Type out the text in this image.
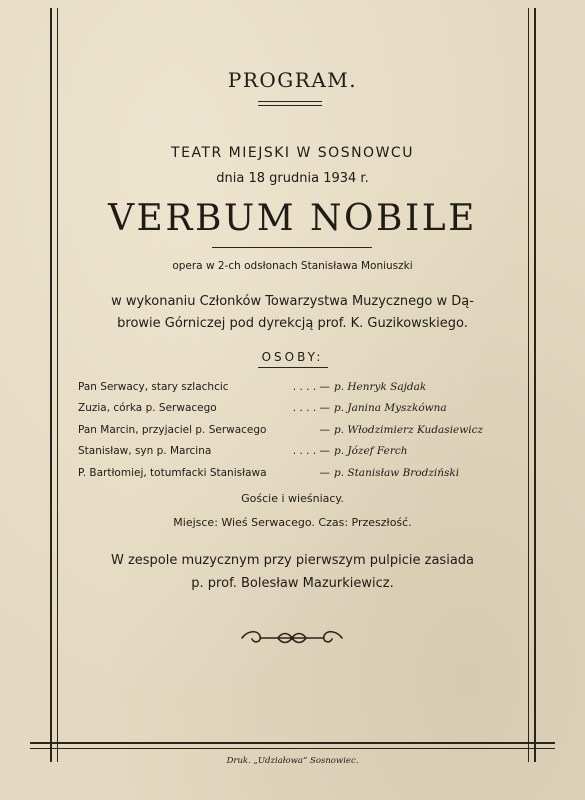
PROGRAM.
TEATR MIEJSKI W SOSNOWCU
dnia 18 grudnia 1934 r.
VERBUM NOBILE
opera w 2-ch odsłonach Stanisława Moniuszki
w wykonaniu Członków Towarzystwa Muzycznego w Dą-
browie Górniczej pod dyrekcją prof. K. Guzikowskiego.
OSOBY:
Pan Serwacy, stary szlachcic	. . . . — p. Henryk Sajdak
Zuzia, córka p. Serwacego	. . . . — p. Janina Myszkówna
Pan Marcin, przyjaciel p. Serwacego	— p. Włodzimierz Kudasiewicz
Stanisław, syn p. Marcina	. . . . — p. Józef Ferch
P. Bartłomiej, totumfacki Stanisława	— p. Stanisław Brodziński
Goście i wieśniacy.
Miejsce: Wieś Serwacego. Czas: Przeszłość.
W zespole muzycznym przy pierwszym pulpicie zasiada
p. prof. Bolesław Mazurkiewicz.
Druk. „Udziałowa” Sosnowiec.
